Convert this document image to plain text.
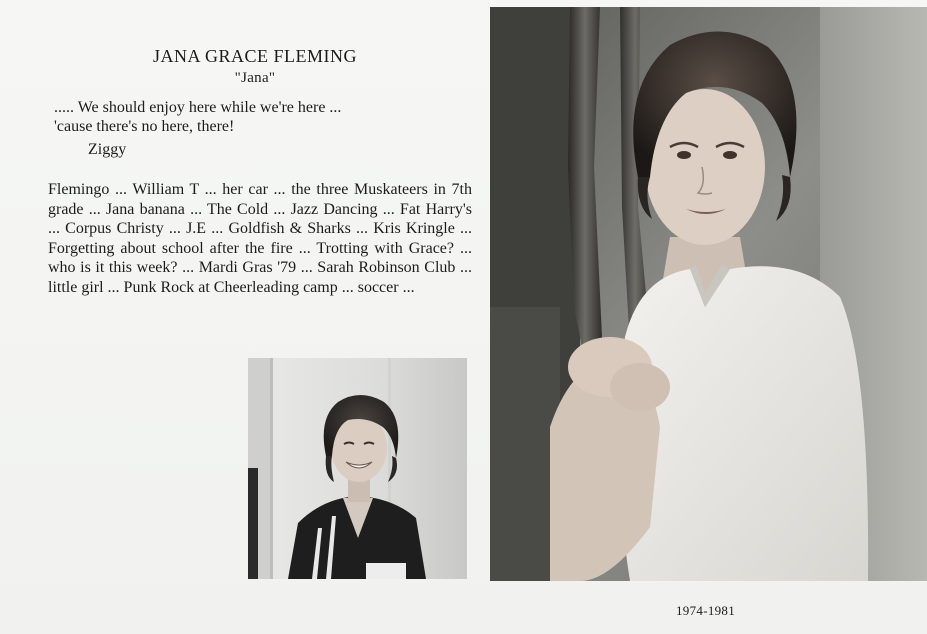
JANA GRACE FLEMING
"Jana"
..... We should enjoy here while we're here ...
'cause there's no here, there!
Ziggy
Flemingo ... William T ... her car ... the three Muskateers in 7th grade ... Jana banana ... The Cold ... Jazz Dancing ... Fat Harry's ... Corpus Christy ... J.E ... Goldfish & Sharks ... Kris Kringle ... Forgetting about school after the fire ... Trotting with Grace? ... who is it this week? ... Mardi Gras '79 ... Sarah Robinson Club ... little girl ... Punk Rock at Cheerleading camp ... soccer ...
1974-1981
